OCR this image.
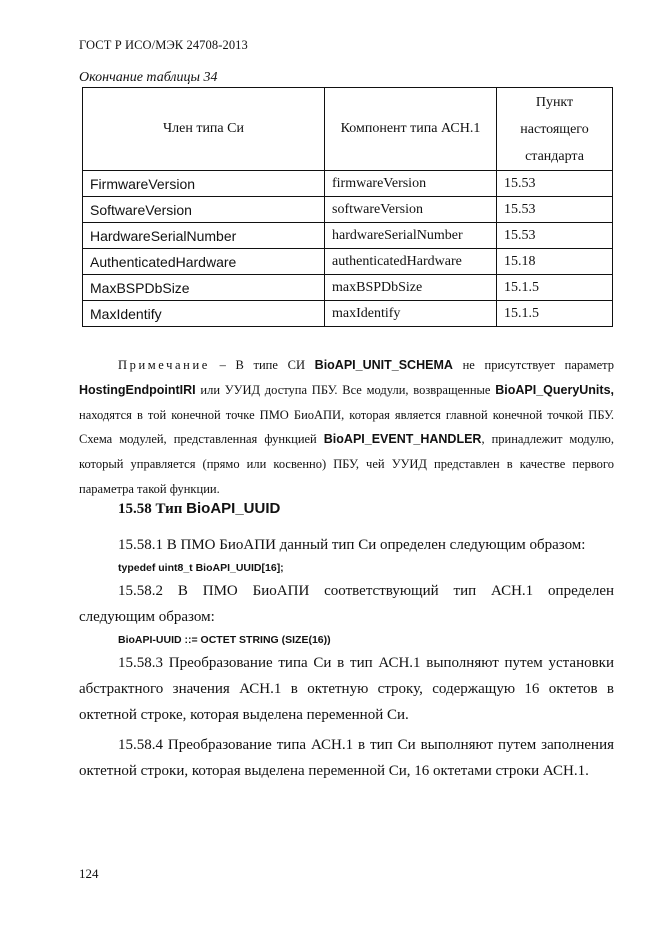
ГОСТ Р ИСО/МЭК 24708-2013
Окончание таблицы 34
Член типа Си	Компонент типа АСН.1	Пункт настоящего стандарта
FirmwareVersion	firmwareVersion	15.53
SoftwareVersion	softwareVersion	15.53
HardwareSerialNumber	hardwareSerialNumber	15.53
AuthenticatedHardware	authenticatedHardware	15.18
MaxBSPDbSize	maxBSPDbSize	15.1.5
MaxIdentify	maxIdentify	15.1.5
Примечание – В типе СИ BioAPI_UNIT_SCHEMA не присутствует параметр HostingEndpointIRI или УУИД доступа ПБУ. Все модули, возвращенные BioAPI_QueryUnits, находятся в той конечной точке ПМО БиоАПИ, которая является главной конечной точкой ПБУ. Схема модулей, представленная функцией BioAPI_EVENT_HANDLER, принадлежит модулю, который управляется (прямо или косвенно) ПБУ, чей УУИД представлен в качестве первого параметра такой функции.
15.58 Тип BioAPI_UUID
15.58.1 В ПМО БиоАПИ данный тип Си определен следующим образом:
typedef uint8_t BioAPI_UUID[16];
15.58.2 В ПМО БиоАПИ соответствующий тип АСН.1 определен следующим образом:
BioAPI-UUID ::= OCTET STRING (SIZE(16))
15.58.3 Преобразование типа Си в тип АСН.1 выполняют путем установки абстрактного значения АСН.1 в октетную строку, содержащую 16 октетов в октетной строке, которая выделена переменной Си.
15.58.4 Преобразование типа АСН.1 в тип Си выполняют путем заполнения октетной строки, которая выделена переменной Си, 16 октетами строки АСН.1.
124
